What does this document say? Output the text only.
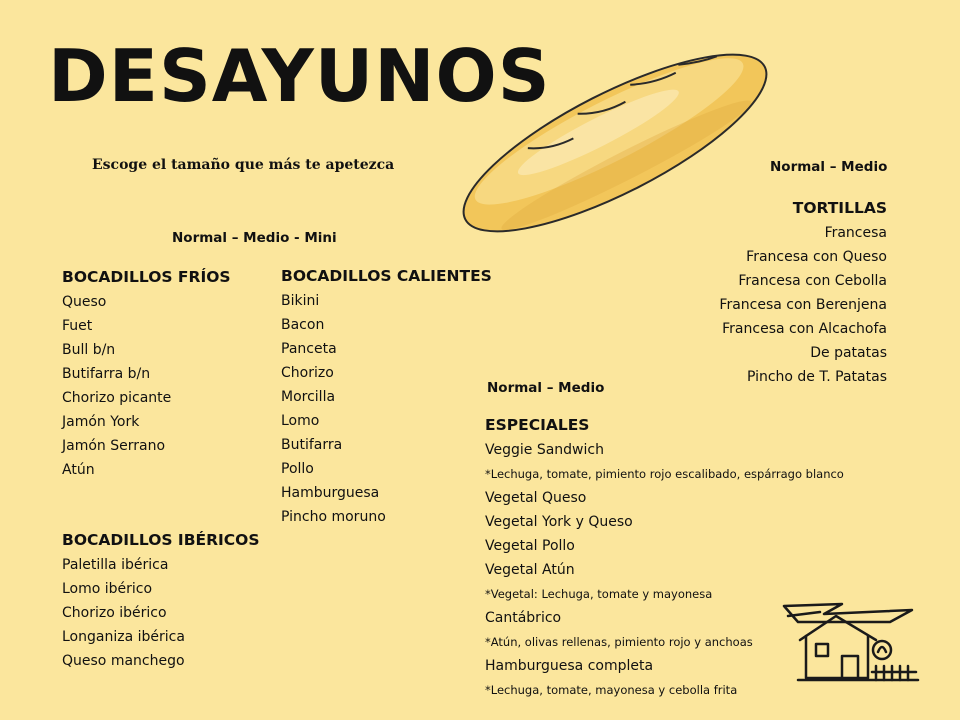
DESAYUNOS
Escoge el tamaño que más te apetezca
Normal – Medio - Mini
Normal – Medio
Normal – Medio
BOCADILLOS FRÍOS
Queso
Fuet
Bull b/n
Butifarra b/n
Chorizo picante
Jamón York
Jamón Serrano
Atún
BOCADILLOS CALIENTES
Bikini
Bacon
Panceta
Chorizo
Morcilla
Lomo
Butifarra
Pollo
Hamburguesa
Pincho moruno
BOCADILLOS IBÉRICOS
Paletilla ibérica
Lomo ibérico
Chorizo ibérico
Longaniza ibérica
Queso manchego
TORTILLAS
Francesa
Francesa con Queso
Francesa con Cebolla
Francesa con Berenjena
Francesa con Alcachofa
De patatas
Pincho de T. Patatas
ESPECIALES
Veggie Sandwich
*Lechuga, tomate, pimiento rojo escalibado, espárrago blanco
Vegetal Queso
Vegetal York y Queso
Vegetal Pollo
Vegetal Atún
*Vegetal: Lechuga, tomate y mayonesa
Cantábrico
*Atún, olivas rellenas, pimiento rojo y anchoas
Hamburguesa completa
*Lechuga, tomate, mayonesa y cebolla frita
